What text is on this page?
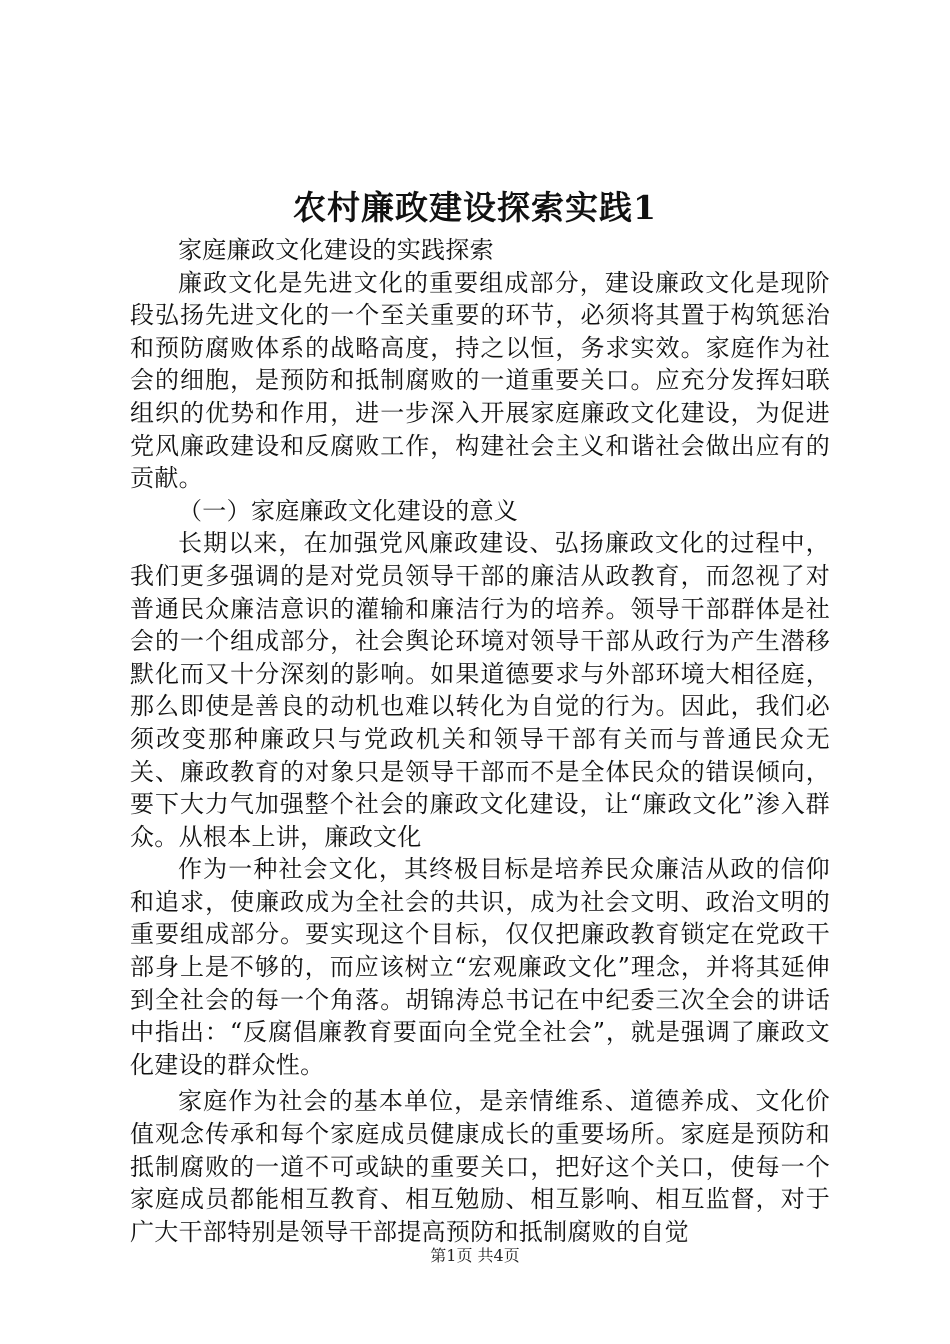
农村廉政建设探索实践1

家庭廉政文化建设的实践探索

廉政文化是先进文化的重要组成部分，建设廉政文化是现阶段弘扬先进文化的一个至关重要的环节，必须将其置于构筑惩治和预防腐败体系的战略高度，持之以恒，务求实效。家庭作为社会的细胞，是预防和抵制腐败的一道重要关口。应充分发挥妇联组织的优势和作用，进一步深入开展家庭廉政文化建设，为促进党风廉政建设和反腐败工作，构建社会主义和谐社会做出应有的贡献。

（一）家庭廉政文化建设的意义

长期以来，在加强党风廉政建设、弘扬廉政文化的过程中，我们更多强调的是对党员领导干部的廉洁从政教育，而忽视了对普通民众廉洁意识的灌输和廉洁行为的培养。领导干部群体是社会的一个组成部分，社会舆论环境对领导干部从政行为产生潜移默化而又十分深刻的影响。如果道德要求与外部环境大相径庭，那么即使是善良的动机也难以转化为自觉的行为。因此，我们必须改变那种廉政只与党政机关和领导干部有关而与普通民众无关、廉政教育的对象只是领导干部而不是全体民众的错误倾向，要下大力气加强整个社会的廉政文化建设，让“廉政文化”渗入群众。从根本上讲，廉政文化

作为一种社会文化，其终极目标是培养民众廉洁从政的信仰和追求，使廉政成为全社会的共识，成为社会文明、政治文明的重要组成部分。要实现这个目标，仅仅把廉政教育锁定在党政干部身上是不够的，而应该树立“宏观廉政文化”理念，并将其延伸到全社会的每一个角落。胡锦涛总书记在中纪委三次全会的讲话中指出：“反腐倡廉教育要面向全党全社会”，就是强调了廉政文化建设的群众性。

家庭作为社会的基本单位，是亲情维系、道德养成、文化价值观念传承和每个家庭成员健康成长的重要场所。家庭是预防和抵制腐败的一道不可或缺的重要关口，把好这个关口，使每一个家庭成员都能相互教育、相互勉励、相互影响、相互监督，对于广大干部特别是领导干部提高预防和抵制腐败的自觉

第1页 共4页
